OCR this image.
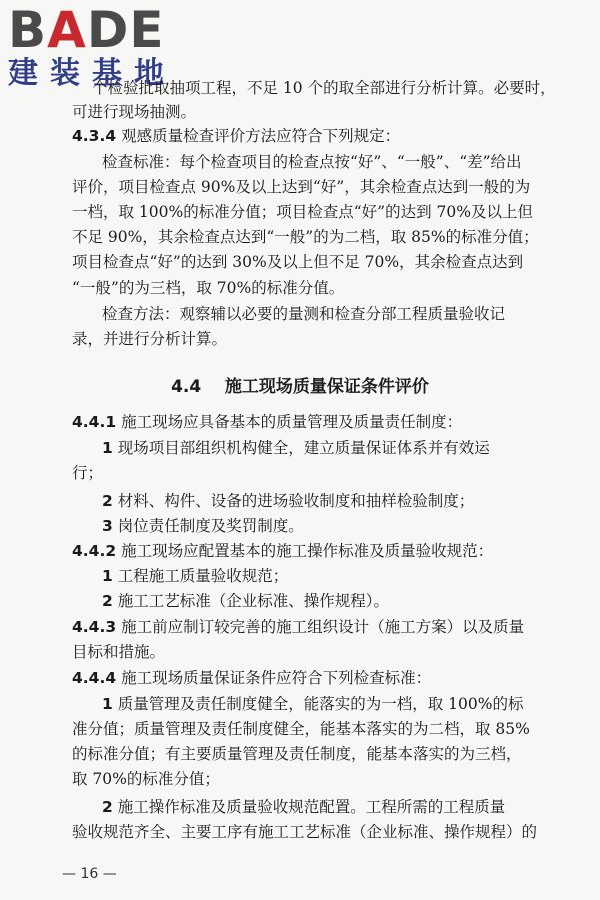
BADE
建装基地
个检验批取抽项工程，不足 10 个的取全部进行分析计算。必要时，
可进行现场抽测。
4.3.4 观感质量检查评价方法应符合下列规定：
检查标准：每个检查项目的检查点按“好”、“一般”、“差”给出
评价，项目检查点 90%及以上达到“好”，其余检查点达到一般的为
一档，取 100%的标准分值；项目检查点“好”的达到 70%及以上但
不足 90%，其余检查点达到“一般”的为二档，取 85%的标准分值；
项目检查点“好”的达到 30%及以上但不足 70%，其余检查点达到
“一般”的为三档，取 70%的标准分值。
检查方法：观察辅以必要的量测和检查分部工程质量验收记
录，并进行分析计算。
4.4 施工现场质量保证条件评价
4.4.1 施工现场应具备基本的质量管理及质量责任制度：
1 现场项目部组织机构健全，建立质量保证体系并有效运
行；
2 材料、构件、设备的进场验收制度和抽样检验制度；
3 岗位责任制度及奖罚制度。
4.4.2 施工现场应配置基本的施工操作标准及质量验收规范：
1 工程施工质量验收规范；
2 施工工艺标准（企业标准、操作规程）。
4.4.3 施工前应制订较完善的施工组织设计（施工方案）以及质量
目标和措施。
4.4.4 施工现场质量保证条件应符合下列检查标准：
1 质量管理及责任制度健全，能落实的为一档，取 100%的标
准分值；质量管理及责任制度健全，能基本落实的为二档，取 85%
的标准分值；有主要质量管理及责任制度，能基本落实的为三档，
取 70%的标准分值；
2 施工操作标准及质量验收规范配置。工程所需的工程质量
验收规范齐全、主要工序有施工工艺标准（企业标准、操作规程）的
— 16 —
